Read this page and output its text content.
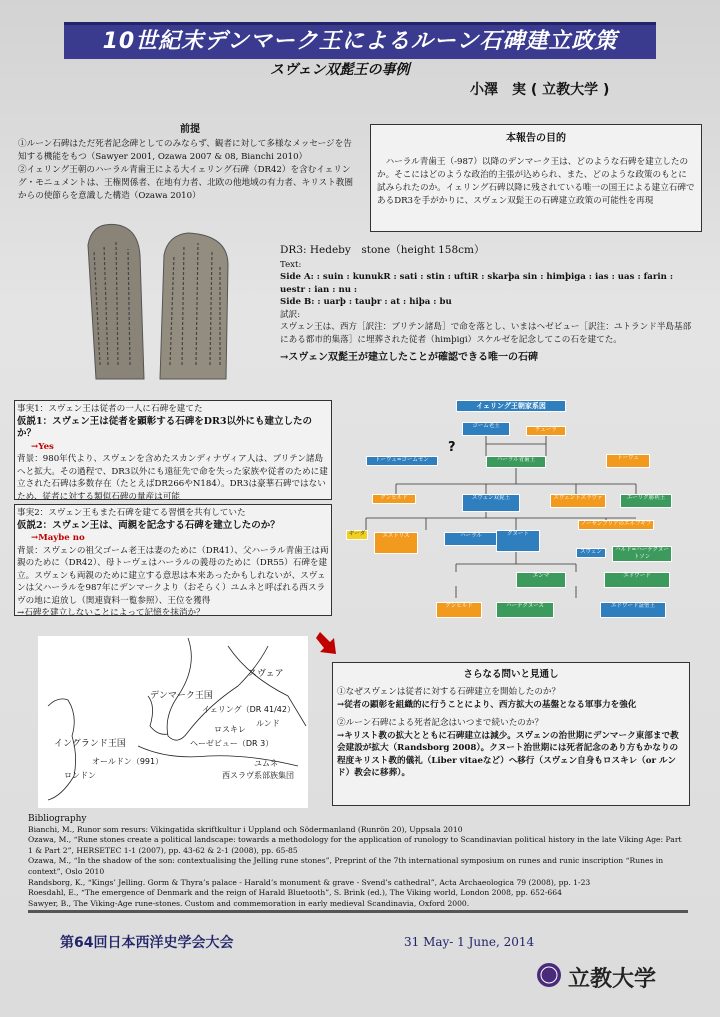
10世紀末デンマーク王によるルーン石碑建立政策
スヴェン双髭王の事例
小澤　実 ( 立教大学 )
前提
①ルーン石碑はただ死者記念碑としてのみならず、観者に対して多様なメッセージを告知する機能をもつ（Sawyer 2001, Ozawa 2007 & 08, Bianchi 2010）
②イェリング王朝のハーラル青歯王による大イェリング石碑（DR42）を含むイェリング・モニュメントは、王権関係者、在地有力者、北欧の他地域の有力者、キリスト教圏からの使節らを意識した構造（Ozawa 2010）
本報告の目的
ハーラル青歯王（-987）以降のデンマーク王は、どのような石碑を建立したのか。そこにはどのような政治的主張が込められ、また、どのような政策のもとに試みられたのか。イェリング石碑以降に残されている唯一の国王による建立石碑であるDR3を手がかりに、スヴェン双髭王の石碑建立政策の可能性を再現
DR3: Hedeby　stone（height 158cm）
Text:
Side A: : suin : kunukR : sati : stin : uftiR : skarþa sin : himþiga : ias : uas : farin : uestr : ian : nu :
Side B: : uarþ : tauþr : at : hiþa : bu
試訳:
スヴェン王は、西方［訳注：ブリテン諸島］で命を落とし、いまはヘゼビュー［訳注：ユトランド半島基部にある都市的集落］に埋葬された従者（himþigi）スケルゼを記念してこの石を建てた。
→スヴェン双髭王が建立したことが確認できる唯一の石碑
事実1：スヴェン王は従者の一人に石碑を建てた
仮説1：スヴェン王は従者を顕彰する石碑をDR3以外にも建立したのか？
→Yes
背景：980年代より、スヴェンを含めたスカンディナヴィア人は、ブリテン諸島へと拡大。その過程で、DR3以外にも遠征先で命を失った家族や従者のために建立された石碑は多数存在（たとえばDR266やN184）。DR3は豪華石碑ではないため、従者に対する類似石碑の量産は可能
事実2：スヴェン王もまた石碑を建てる習慣を共有していた
仮説2：スヴェン王は、両親を記念する石碑を建立したのか？
→Maybe no
背景：スヴェンの祖父ゴーム老王は妻のために（DR41）、父ハーラル青歯王は両親のために（DR42）、母トーヴェはハーラルの義母のために（DR55）石碑を建立。スヴェンも両親のために建立する意思は本来あったかもしれないが、スヴェンは父ハーラルを987年にデンマークより（おそらく）ユムネと呼ばれる西スラヴの地に追放し（関連資料一覧参照）、王位を獲得
→石碑を建立しないことによって記憶を抹消か？
イェリング王朝家系図
ゴーム老王
チューラ
?
トーヴェ=ゴームセン	ハーラル青歯王	トーヴェ
グンヒルド	スヴェン双髭王	スヴェントスラヴァ	エーリク勝利王
ノーサンブリアのエルフギフ
ギーダ	エストリズ	ハーラル	クヌート
スヴェン	ハルド=ハーデクヌートソン
エンマ	エドワード
グンヒルド	ハーデクヌーズ	エドワード証聖王
スヴェア
デンマーク王国
イェリング（DR 41/42）
ルンド
ロスキレ
ヘーゼビュー（DR 3）
イングランド王国
オールドン（991）
ロンドン
ユムネ
西スラヴ系部族集団
さらなる問いと見通し
①なぜスヴェンは従者に対する石碑建立を開始したのか？
→従者の顕彰を組織的に行うことにより、西方拡大の基盤となる軍事力を強化
②ルーン石碑による死者記念はいつまで続いたのか？
→キリスト教の拡大とともに石碑建立は減少。スヴェンの治世期にデンマーク東部まで教会建設が拡大（Randsborg 2008）。クヌート治世期には死者記念のあり方もかなりの程度キリスト教的儀礼（Liber vitaeなど）へ移行（スヴェン自身もロスキレ（or ルンド）教会に移葬）。

Bibliography

Bianchi, M., Runor som resurs: Vikingatida skriftkultur i Uppland och Södermanland (Runrön 20), Uppsala 2010

Ozawa, M., “Rune stones create a political landscape: towards a methodology for the application of runology to Scandinavian political history in the late Viking Age: Part 1 & Part 2”, HERSETEC 1-1 (2007), pp. 43-62 & 2-1 (2008), pp. 65-85

Ozawa, M., “In the shadow of the son: contextualising the Jelling rune stones”, Preprint of the 7th international symposium on runes and runic inscription “Runes in context”, Oslo 2010

Randsborg, K., “Kings’ Jelling. Gorm & Thyra’s palace - Harald’s monument & grave - Svend’s cathedral”, Acta Archaeologica 79 (2008), pp. 1-23

Roesdahl, E., “The emergence of Denmark and the reign of Harald Bluetooth”, S. Brink (ed.), The Viking world, London 2008, pp. 652-664

Sawyer, B., The Viking-Age rune-stones. Custom and commemoration in early medieval Scandinavia, Oxford 2000.

第64回日本西洋史学会大会	31 May- 1 June, 2014
立教大学
